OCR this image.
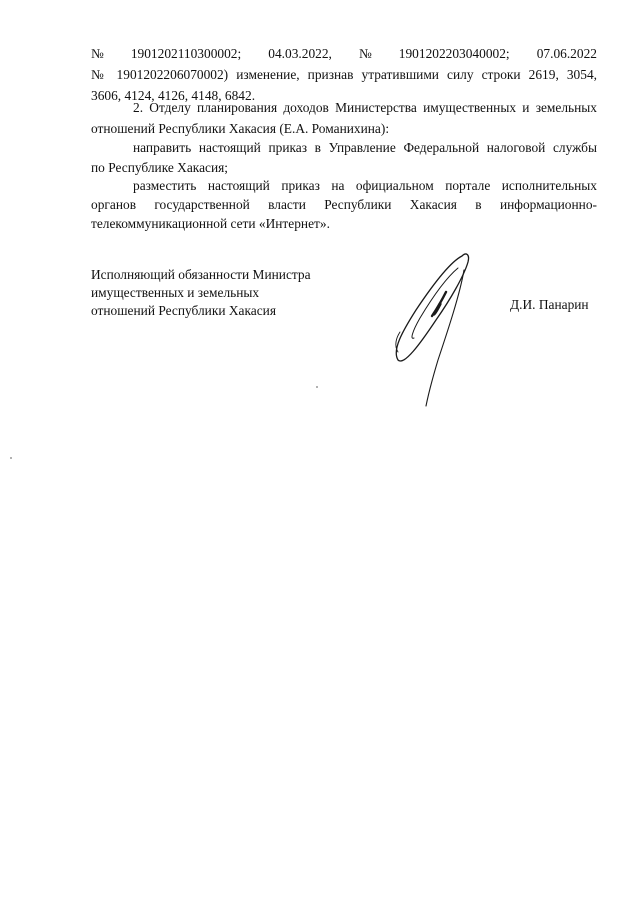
№ 1901202110300002; 04.03.2022, № 1901202203040002; 07.06.2022
№ 1901202206070002) изменение, признав утратившими силу строки 2619, 3054,
3606, 4124, 4126, 4148, 6842.
2. Отделу планирования доходов Министерства имущественных и земельных
отношений Республики Хакасия (Е.А. Романихина):
направить настоящий приказ в Управление Федеральной налоговой службы
по Республике Хакасия;
разместить настоящий приказ на официальном портале исполнительных
органов государственной власти Республики Хакасия в информационно-
телекоммуникационной сети «Интернет».
Исполняющий обязанности Министра
имущественных и земельных
отношений Республики Хакасия	Д.И. Панарин
